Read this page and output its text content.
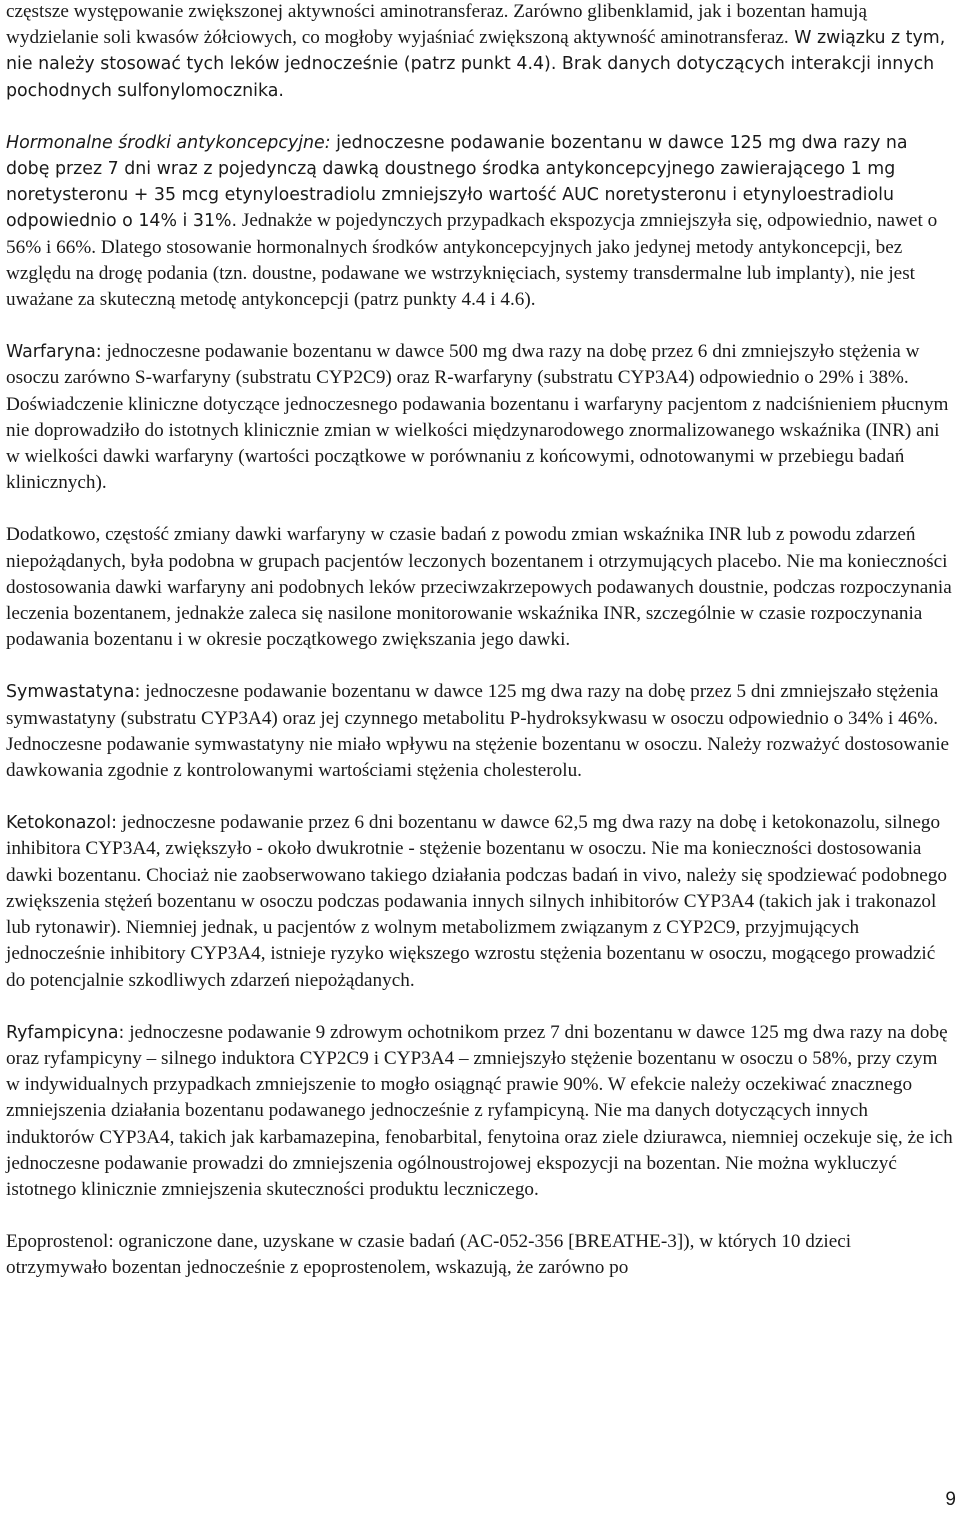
częstsze występowanie zwiększonej aktywności aminotransferaz. Zarówno glibenklamid, jak i bozentan hamują wydzielanie soli kwasów żółciowych, co mogłoby wyjaśniać zwiększoną aktywność aminotransferaz. W związku z tym, nie należy stosować tych leków jednocześnie (patrz punkt 4.4). Brak danych dotyczących interakcji innych pochodnych sulfonylomocznika.

Hormonalne środki antykoncepcyjne: jednoczesne podawanie bozentanu w dawce 125 mg dwa razy na dobę przez 7 dni wraz z pojedynczą dawką doustnego środka antykoncepcyjnego zawierającego 1 mg noretysteronu + 35 mcg etynyloestradiolu zmniejszyło wartość AUC noretysteronu i etynyloestradiolu odpowiednio o 14% i 31%. Jednakże w pojedynczych przypadkach ekspozycja zmniejszyła się, odpowiednio, nawet o 56% i 66%. Dlatego stosowanie hormonalnych środków antykoncepcyjnych jako jedynej metody antykoncepcji, bez względu na drogę podania (tzn. doustne, podawane we wstrzyknięciach, systemy transdermalne lub implanty), nie jest uważane za skuteczną metodę antykoncepcji (patrz punkty 4.4 i 4.6).

Warfaryna: jednoczesne podawanie bozentanu w dawce 500 mg dwa razy na dobę przez 6 dni zmniejszyło stężenia w osoczu zarówno S-warfaryny (substratu CYP2C9) oraz R-warfaryny (substratu CYP3A4) odpowiednio o 29% i 38%. Doświadczenie kliniczne dotyczące jednoczesnego podawania bozentanu i warfaryny pacjentom z nadciśnieniem płucnym nie doprowadziło do istotnych klinicznie zmian w wielkości międzynarodowego znormalizowanego wskaźnika (INR) ani w wielkości dawki warfaryny (wartości początkowe w porównaniu z końcowymi, odnotowanymi w przebiegu badań klinicznych).

Dodatkowo, częstość zmiany dawki warfaryny w czasie badań z powodu zmian wskaźnika INR lub z powodu zdarzeń niepożądanych, była podobna w grupach pacjentów leczonych bozentanem i otrzymujących placebo. Nie ma konieczności dostosowania dawki warfaryny ani podobnych leków przeciwzakrzepowych podawanych doustnie, podczas rozpoczynania leczenia bozentanem, jednakże zaleca się nasilone monitorowanie wskaźnika INR, szczególnie w czasie rozpoczynania podawania bozentanu i w okresie początkowego zwiększania jego dawki.

Symwastatyna: jednoczesne podawanie bozentanu w dawce 125 mg dwa razy na dobę przez 5 dni zmniejszało stężenia symwastatyny (substratu CYP3A4) oraz jej czynnego metabolitu P-hydroksykwasu w osoczu odpowiednio o 34% i 46%. Jednoczesne podawanie symwastatyny nie miało wpływu na stężenie bozentanu w osoczu. Należy rozważyć dostosowanie dawkowania zgodnie z kontrolowanymi wartościami stężenia cholesterolu.

Ketokonazol: jednoczesne podawanie przez 6 dni bozentanu w dawce 62,5 mg dwa razy na dobę i ketokonazolu, silnego inhibitora CYP3A4, zwiększyło - około dwukrotnie - stężenie bozentanu w osoczu. Nie ma konieczności dostosowania dawki bozentanu. Chociaż nie zaobserwowano takiego działania podczas badań in vivo, należy się spodziewać podobnego zwiększenia stężeń bozentanu w osoczu podczas podawania innych silnych inhibitorów CYP3A4 (takich jak i trakonazol lub rytonawir). Niemniej jednak, u pacjentów z wolnym metabolizmem związanym z CYP2C9, przyjmujących jednocześnie inhibitory CYP3A4, istnieje ryzyko większego wzrostu stężenia bozentanu w osoczu, mogącego prowadzić do potencjalnie szkodliwych zdarzeń niepożądanych.

Ryfampicyna: jednoczesne podawanie 9 zdrowym ochotnikom przez 7 dni bozentanu w dawce 125 mg dwa razy na dobę oraz ryfampicyny – silnego induktora CYP2C9 i CYP3A4 – zmniejszyło stężenie bozentanu w osoczu o 58%, przy czym w indywidualnych przypadkach zmniejszenie to mogło osiągnąć prawie 90%. W efekcie należy oczekiwać znacznego zmniejszenia działania bozentanu podawanego jednocześnie z ryfampicyną. Nie ma danych dotyczących innych induktorów CYP3A4, takich jak karbamazepina, fenobarbital, fenytoina oraz ziele dziurawca, niemniej oczekuje się, że ich jednoczesne podawanie prowadzi do zmniejszenia ogólnoustrojowej ekspozycji na bozentan. Nie można wykluczyć istotnego klinicznie zmniejszenia skuteczności produktu leczniczego.

Epoprostenol: ograniczone dane, uzyskane w czasie badań (AC-052-356 [BREATHE-3]), w których 10 dzieci otrzymywało bozentan jednocześnie z epoprostenolem, wskazują, że zarówno po

9
